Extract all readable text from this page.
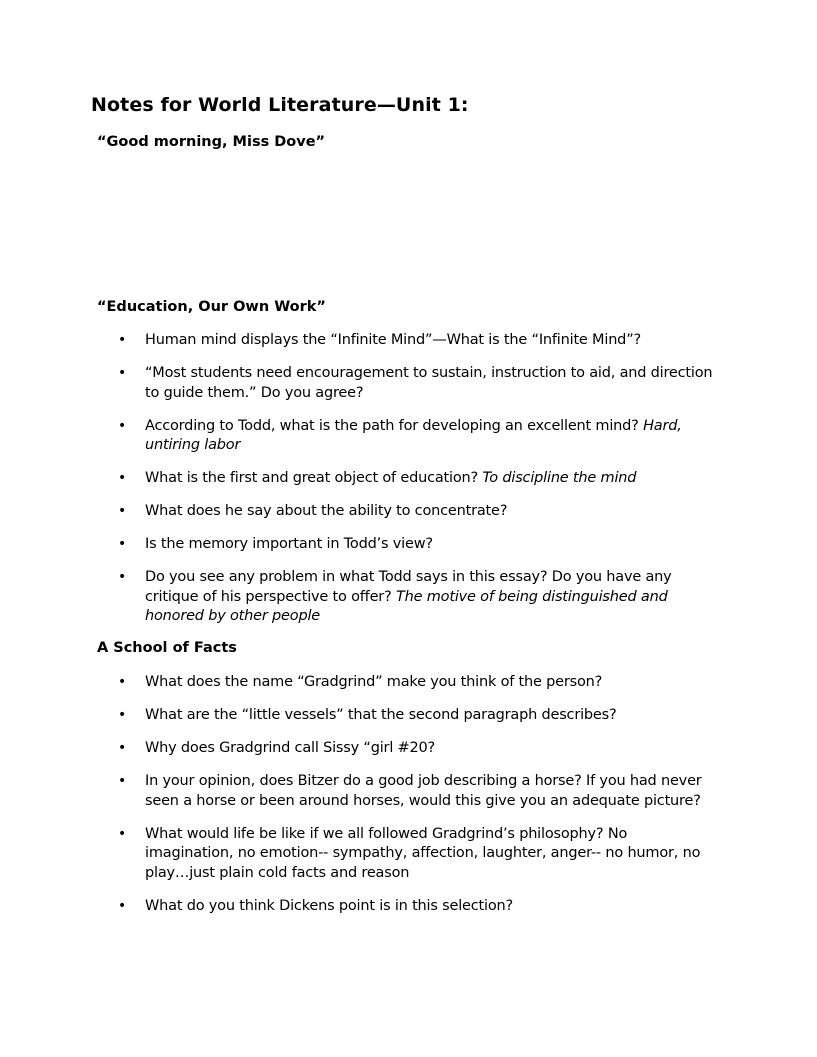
Notes for World Literature—Unit 1:
“Good morning, Miss Dove”
“Education, Our Own Work”
• Human mind displays the “Infinite Mind”—What is the “Infinite Mind”?
• “Most students need encouragement to sustain, instruction to aid, and direction to guide them.” Do you agree?
• According to Todd, what is the path for developing an excellent mind? Hard, untiring labor
• What is the first and great object of education? To discipline the mind
• What does he say about the ability to concentrate?
• Is the memory important in Todd’s view?
• Do you see any problem in what Todd says in this essay? Do you have any critique of his perspective to offer? The motive of being distinguished and honored by other people
A School of Facts
• What does the name “Gradgrind” make you think of the person?
• What are the “little vessels” that the second paragraph describes?
• Why does Gradgrind call Sissy “girl #20?
• In your opinion, does Bitzer do a good job describing a horse? If you had never seen a horse or been around horses, would this give you an adequate picture?
• What would life be like if we all followed Gradgrind’s philosophy? No imagination, no emotion-- sympathy, affection, laughter, anger-- no humor, no play…just plain cold facts and reason
• What do you think Dickens point is in this selection?
